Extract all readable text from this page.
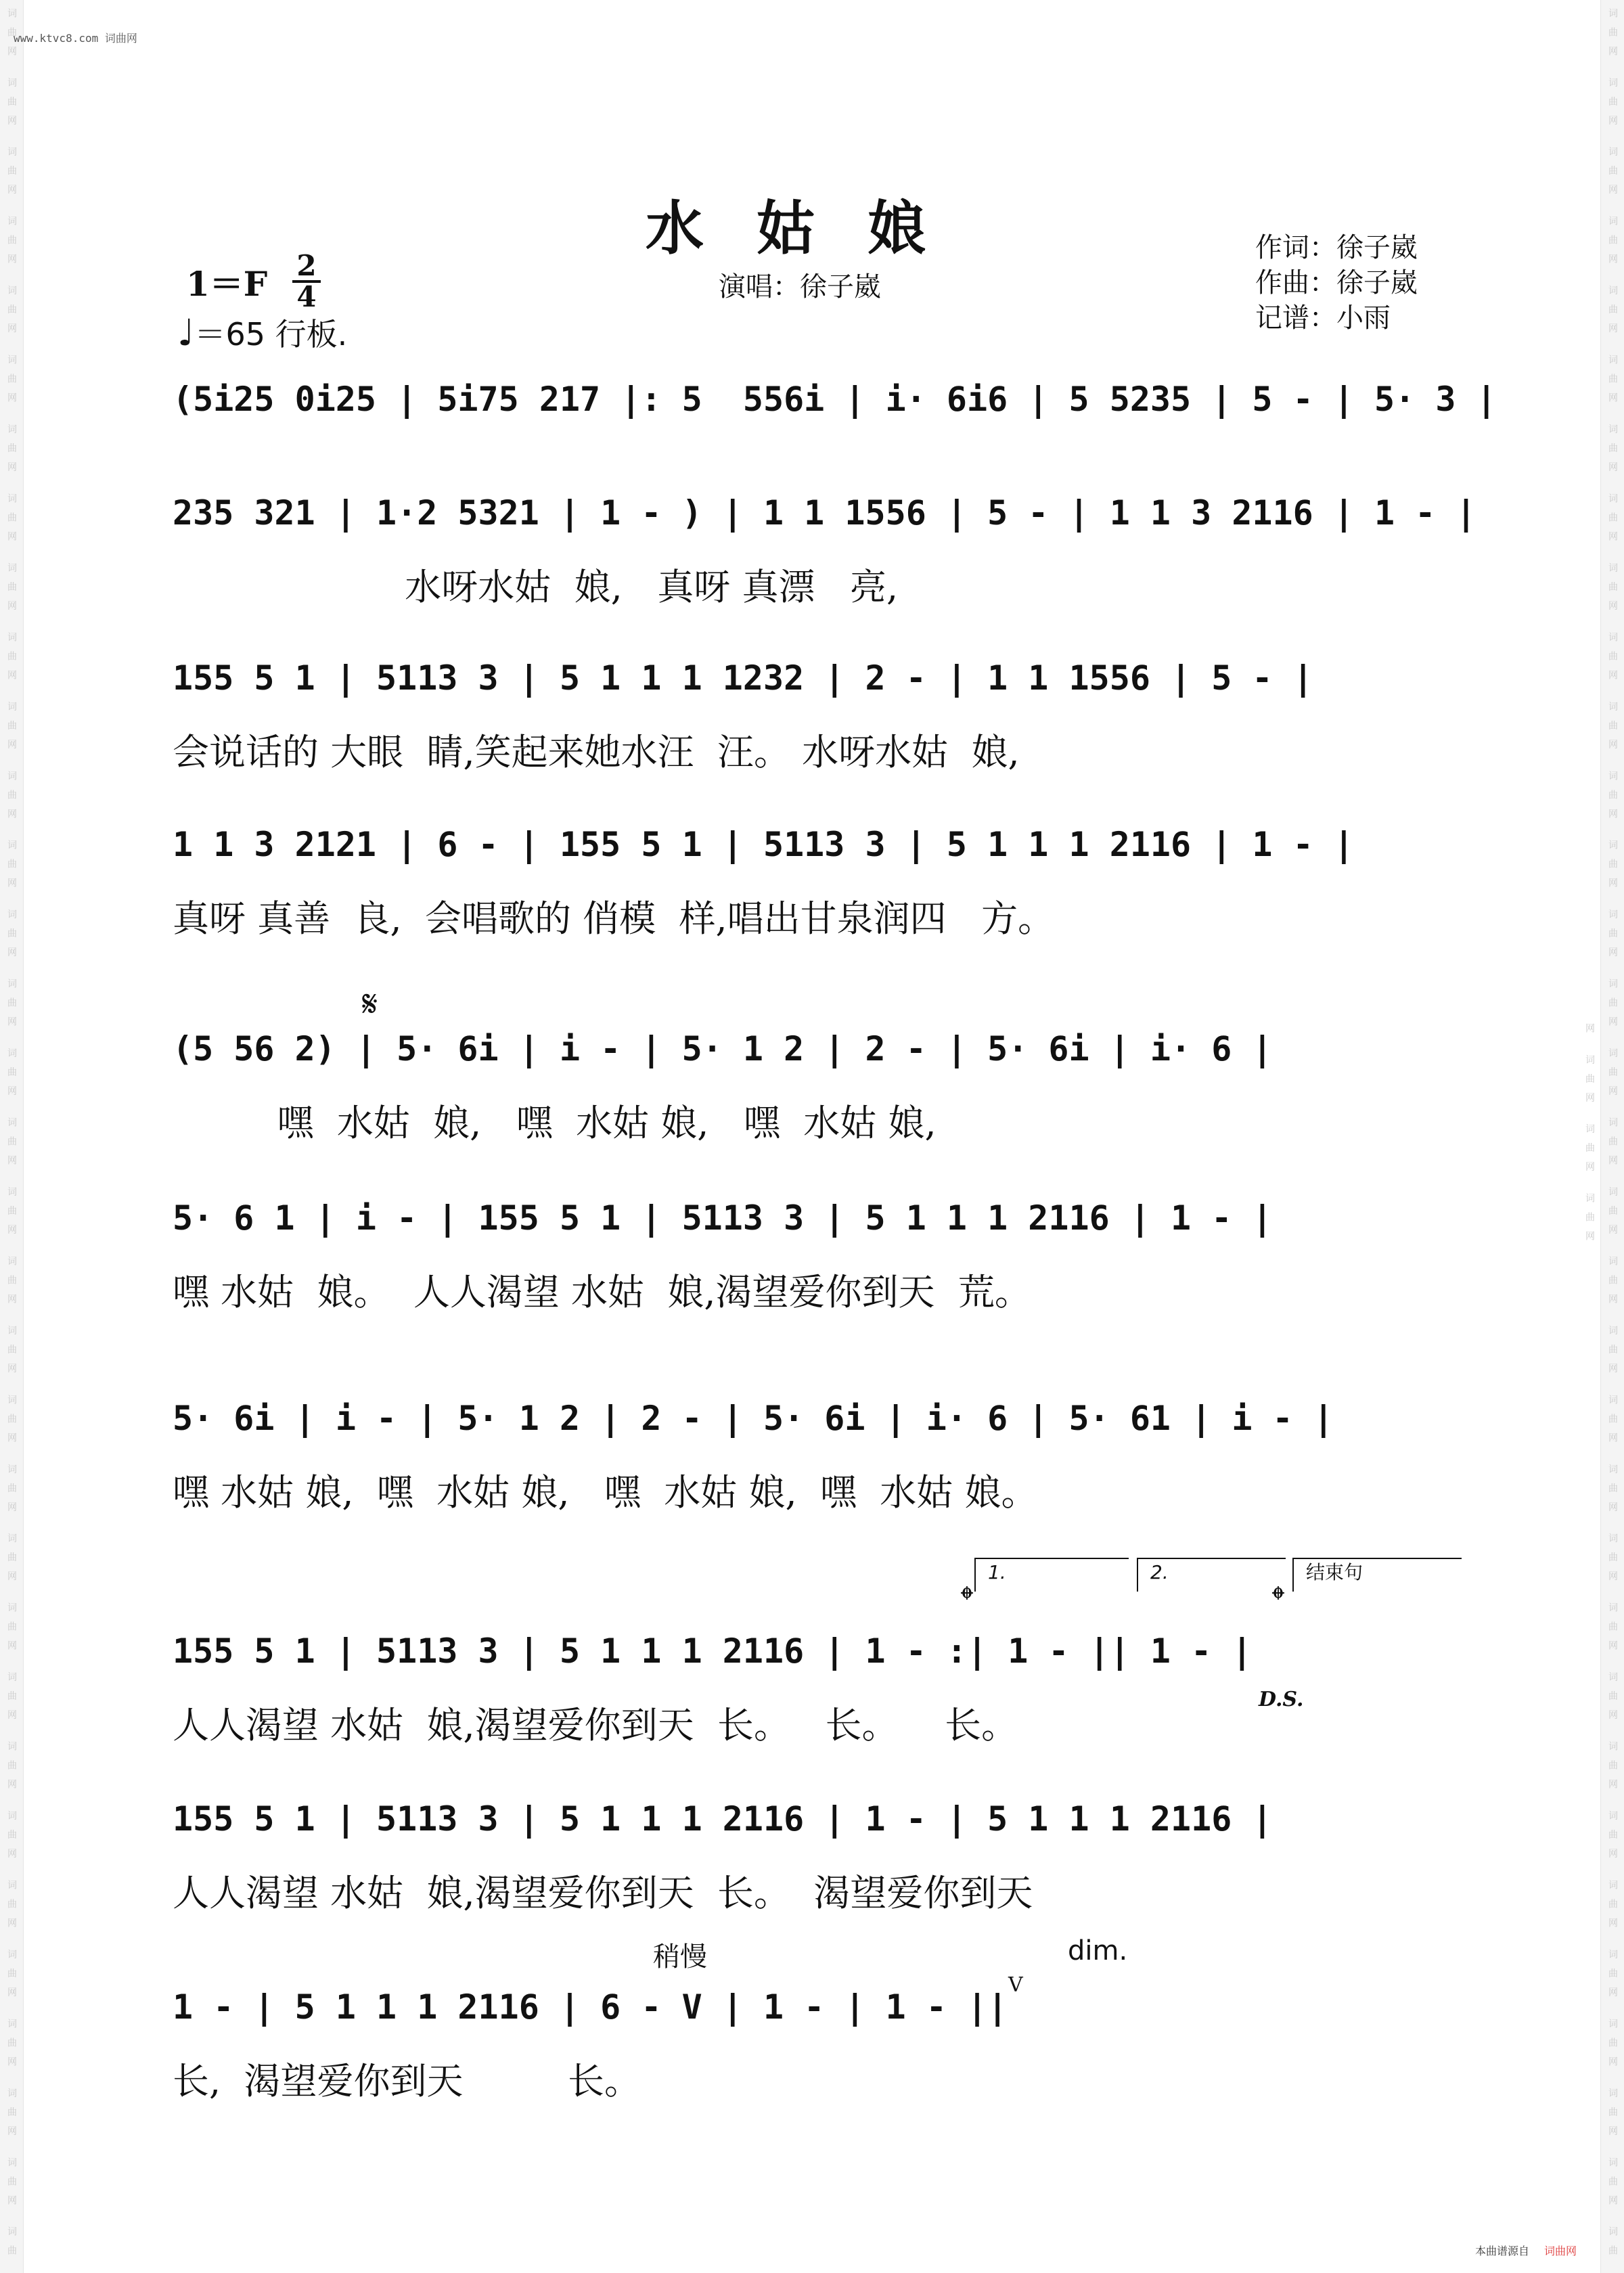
词曲网 词曲网 词曲网 词曲网 词曲网 词曲网 词曲网 词曲网 词曲网 词曲网 词曲网 词曲网 词曲网 词曲网 词曲网 词曲网 词曲网 词曲网 词曲网 词曲网 词曲网 词曲网 词曲网 词曲网 词曲网 词曲网 词曲网 词曲网 词曲网 词曲网 词曲网 词曲网 词曲	词曲网 词曲网 词曲网 词曲网 词曲网 词曲网 词曲网 词曲网 词曲网 词曲网 词曲网 词曲网 词曲网 词曲网 词曲网 词曲网 词曲网 词曲网 词曲网 词曲网 词曲网 词曲网 词曲网 词曲网 词曲网 词曲网 词曲网 词曲网 词曲网 词曲网 词曲网 词曲网 词曲网 词曲网 词曲网 词曲网
www.ktvc8.com 词曲网
水姑娘	作词：徐子崴
作曲：徐子崴
记谱：小雨
演唱：徐子崴
1＝F 2
4
♩＝65 行板.
(5i25 0i25 | 5i75 217 |: 5  556i | i· 6i6 | 5 5235 | 5 - | 5· 3 |
235 321 | 1·2 5321 | 1 - ) | 1 1 1556 | 5 - | 1 1 3 2116 | 1 - |
水呀水姑  娘,   真呀 真漂   亮,
155 5 1 | 5113 3 | 5 1 1 1 1232 | 2 - | 1 1 1556 | 5 - |
会说话的 大眼  睛,笑起来她水汪  汪。 水呀水姑  娘,
1 1 3 2121 | 6 - | 155 5 1 | 5113 3 | 5 1 1 1 2116 | 1 - |
真呀 真善  良,  会唱歌的 俏模  样,唱出甘泉润四   方。
(5 56 2) | 5· 6i | i - | 5· 1 2 | 2 - | 5· 6i | i· 6 |
嘿  水姑  娘,   嘿  水姑 娘,   嘿  水姑 娘,
5· 6 1 | i - | 155 5 1 | 5113 3 | 5 1 1 1 2116 | 1 - |
嘿 水姑  娘。  人人渴望 水姑  娘,渴望爱你到天  荒。
5· 6i | i - | 5· 1 2 | 2 - | 5· 6i | i· 6 | 5· 61 | i - |
嘿 水姑 娘,  嘿  水姑 娘,   嘿  水姑 娘,  嘿  水姑 娘。
155 5 1 | 5113 3 | 5 1 1 1 2116 | 1 - :| 1 - || 1 - |
人人渴望 水姑  娘,渴望爱你到天  长。   长。    长。
155 5 1 | 5113 3 | 5 1 1 1 2116 | 1 - | 5 1 1 1 2116 |
人人渴望 水姑  娘,渴望爱你到天  长。  渴望爱你到天
1 - | 5 1 1 1 2116 | 6 - V | 1 - | 1 - ||
长,  渴望爱你到天         长。
𝄋
𝄌	𝄌
D.S.
稍慢	dim.
V
1.	2.	结束句
本曲谱源自 词曲网
